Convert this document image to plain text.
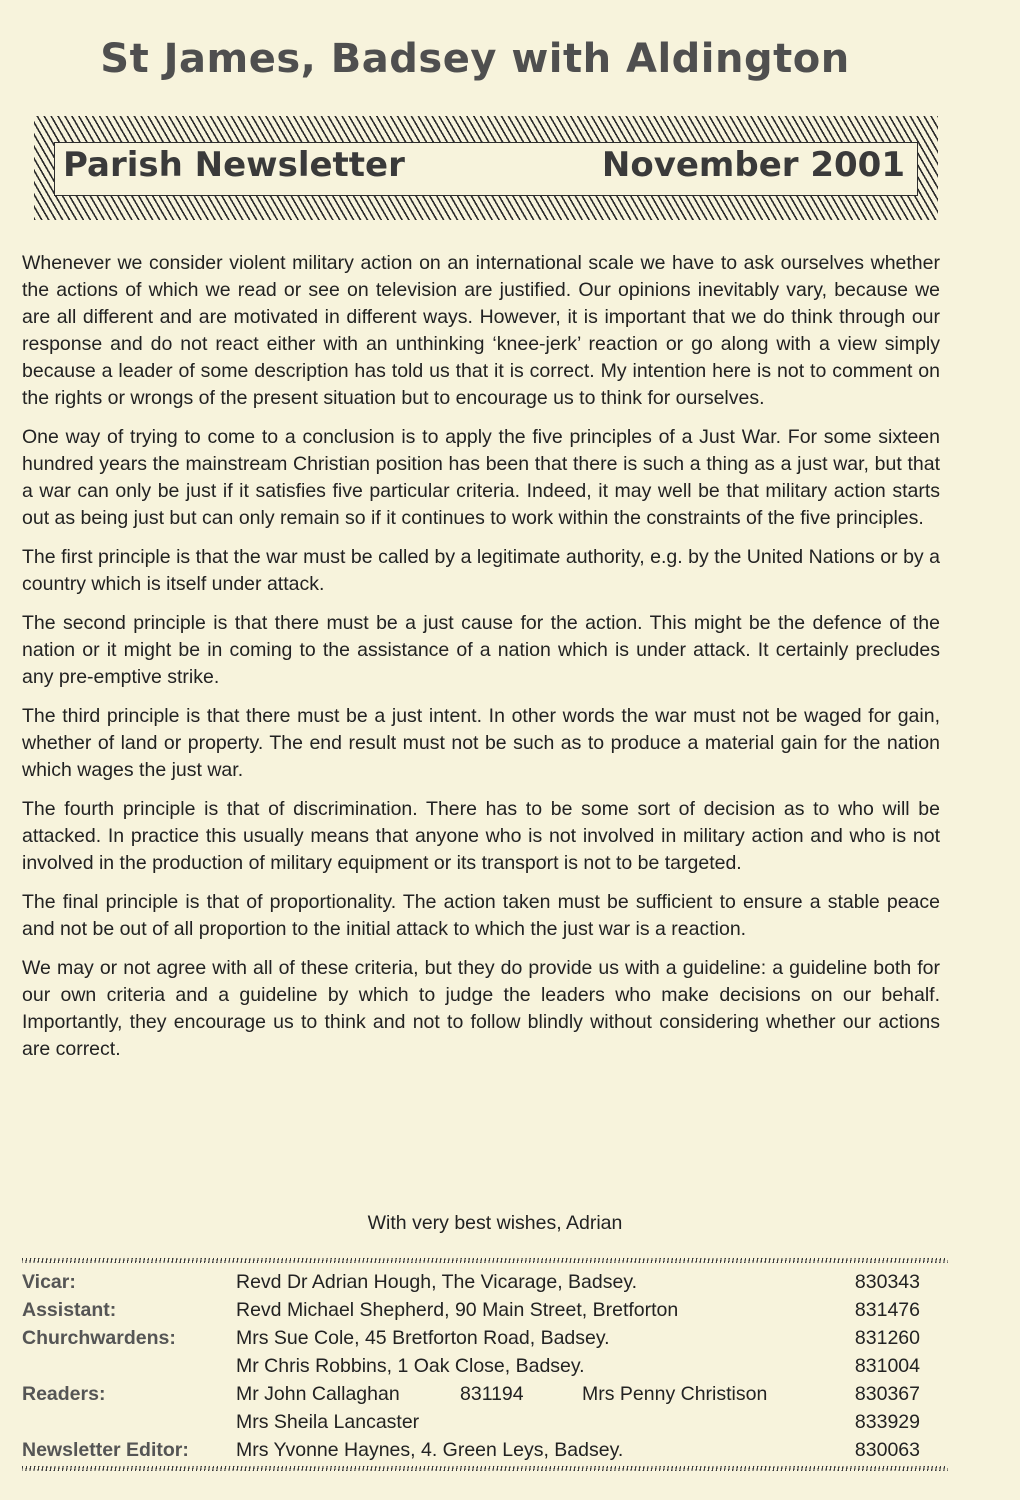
St James, Badsey with Aldington
Parish Newsletter	November 2001

Whenever we consider violent military action on an international scale we have to ask ourselves whether the actions of which we read or see on television are justified. Our opinions inevitably vary, because we are all different and are motivated in different ways. However, it is important that we do think through our response and do not react either with an unthinking ‘knee-jerk’ reaction or go along with a view simply because a leader of some description has told us that it is correct. My intention here is not to comment on the rights or wrongs of the present situation but to encourage us to think for ourselves.

One way of trying to come to a conclusion is to apply the five principles of a Just War. For some sixteen hundred years the mainstream Christian position has been that there is such a thing as a just war, but that a war can only be just if it satisfies five particular criteria. Indeed, it may well be that military action starts out as being just but can only remain so if it continues to work within the constraints of the five principles.

The first principle is that the war must be called by a legitimate authority, e.g. by the United Nations or by a country which is itself under attack.

The second principle is that there must be a just cause for the action. This might be the defence of the nation or it might be in coming to the assistance of a nation which is under attack. It certainly precludes any pre-emptive strike.

The third principle is that there must be a just intent. In other words the war must not be waged for gain, whether of land or property. The end result must not be such as to produce a material gain for the nation which wages the just war.

The fourth principle is that of discrimination. There has to be some sort of decision as to who will be attacked. In practice this usually means that anyone who is not involved in military action and who is not involved in the production of military equipment or its transport is not to be targeted.

The final principle is that of proportionality. The action taken must be sufficient to ensure a stable peace and not be out of all proportion to the initial attack to which the just war is a reaction.

We may or not agree with all of these criteria, but they do provide us with a guideline: a guideline both for our own criteria and a guideline by which to judge the leaders who make decisions on our behalf. Importantly, they encourage us to think and not to follow blindly without considering whether our actions are correct.

With very best wishes, Adrian
Vicar:	Revd Dr Adrian Hough, The Vicarage, Badsey.	830343
Assistant:	Revd Michael Shepherd, 90 Main Street, Bretforton	831476
Churchwardens:	Mrs Sue Cole, 45 Bretforton Road, Badsey.	831260
Mr Chris Robbins, 1 Oak Close, Badsey.	831004
Readers:	Mr John Callaghan	831194	Mrs Penny Christison	830367
Mrs Sheila Lancaster	833929
Newsletter Editor: Mrs Yvonne Haynes, 4. Green Leys, Badsey.	830063
